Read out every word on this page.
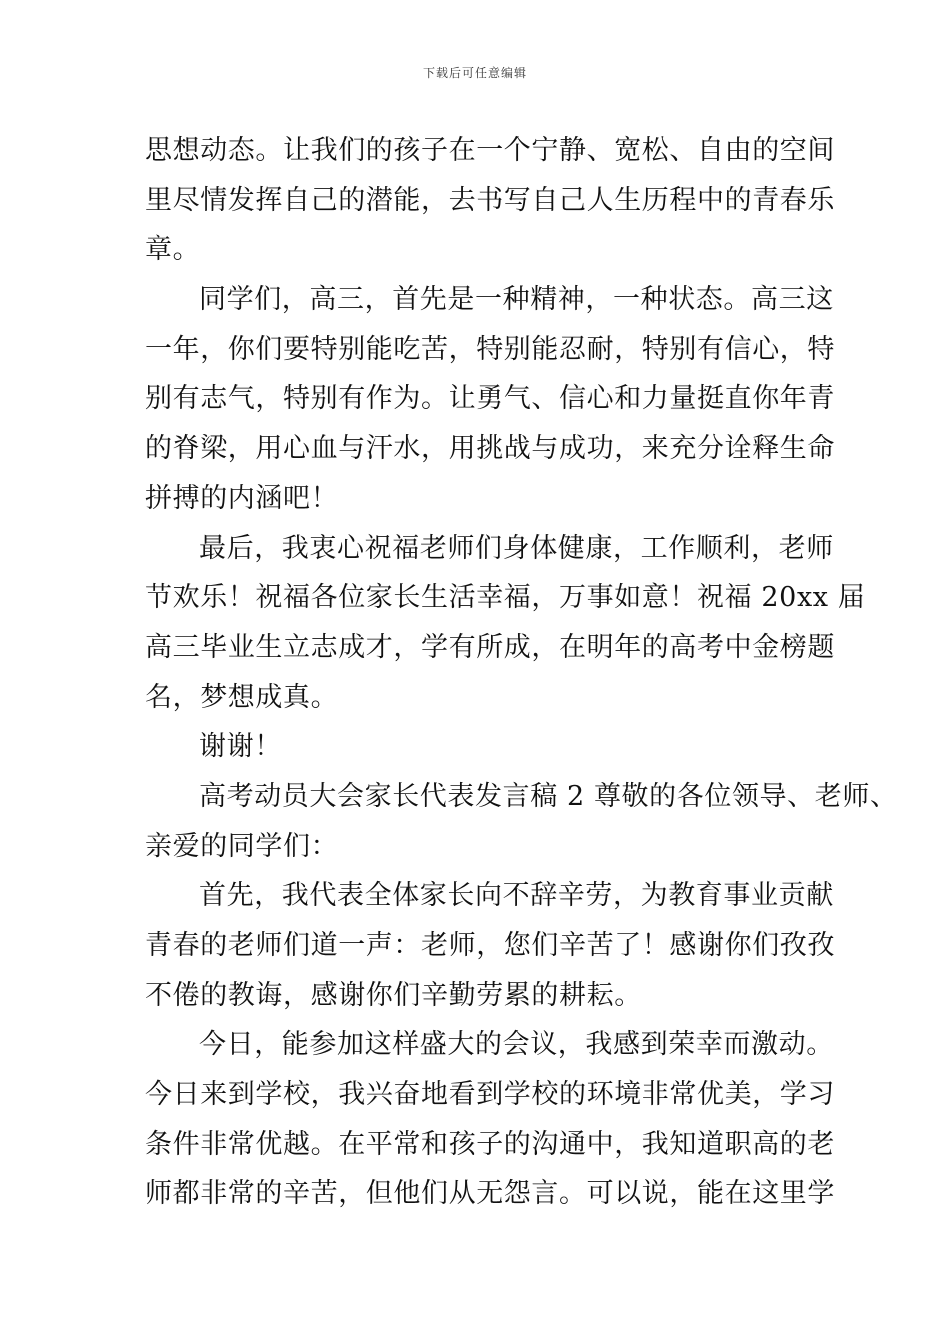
下载后可任意编辑
思想动态。让我们的孩子在一个宁静、宽松、自由的空间
里尽情发挥自己的潜能，去书写自己人生历程中的青春乐
章。
同学们，高三，首先是一种精神，一种状态。高三这
一年，你们要特别能吃苦，特别能忍耐，特别有信心，特
别有志气，特别有作为。让勇气、信心和力量挺直你年青
的脊梁，用心血与汗水，用挑战与成功，来充分诠释生命
拼搏的内涵吧！
最后，我衷心祝福老师们身体健康，工作顺利，老师
节欢乐！祝福各位家长生活幸福，万事如意！祝福 20xx 届
高三毕业生立志成才，学有所成，在明年的高考中金榜题
名，梦想成真。
谢谢！
高考动员大会家长代表发言稿 2 尊敬的各位领导、老师、
亲爱的同学们：
首先，我代表全体家长向不辞辛劳，为教育事业贡献
青春的老师们道一声：老师，您们辛苦了！感谢你们孜孜
不倦的教诲，感谢你们辛勤劳累的耕耘。
今日，能参加这样盛大的会议，我感到荣幸而激动。
今日来到学校，我兴奋地看到学校的环境非常优美，学习
条件非常优越。在平常和孩子的沟通中，我知道职高的老
师都非常的辛苦，但他们从无怨言。可以说，能在这里学
